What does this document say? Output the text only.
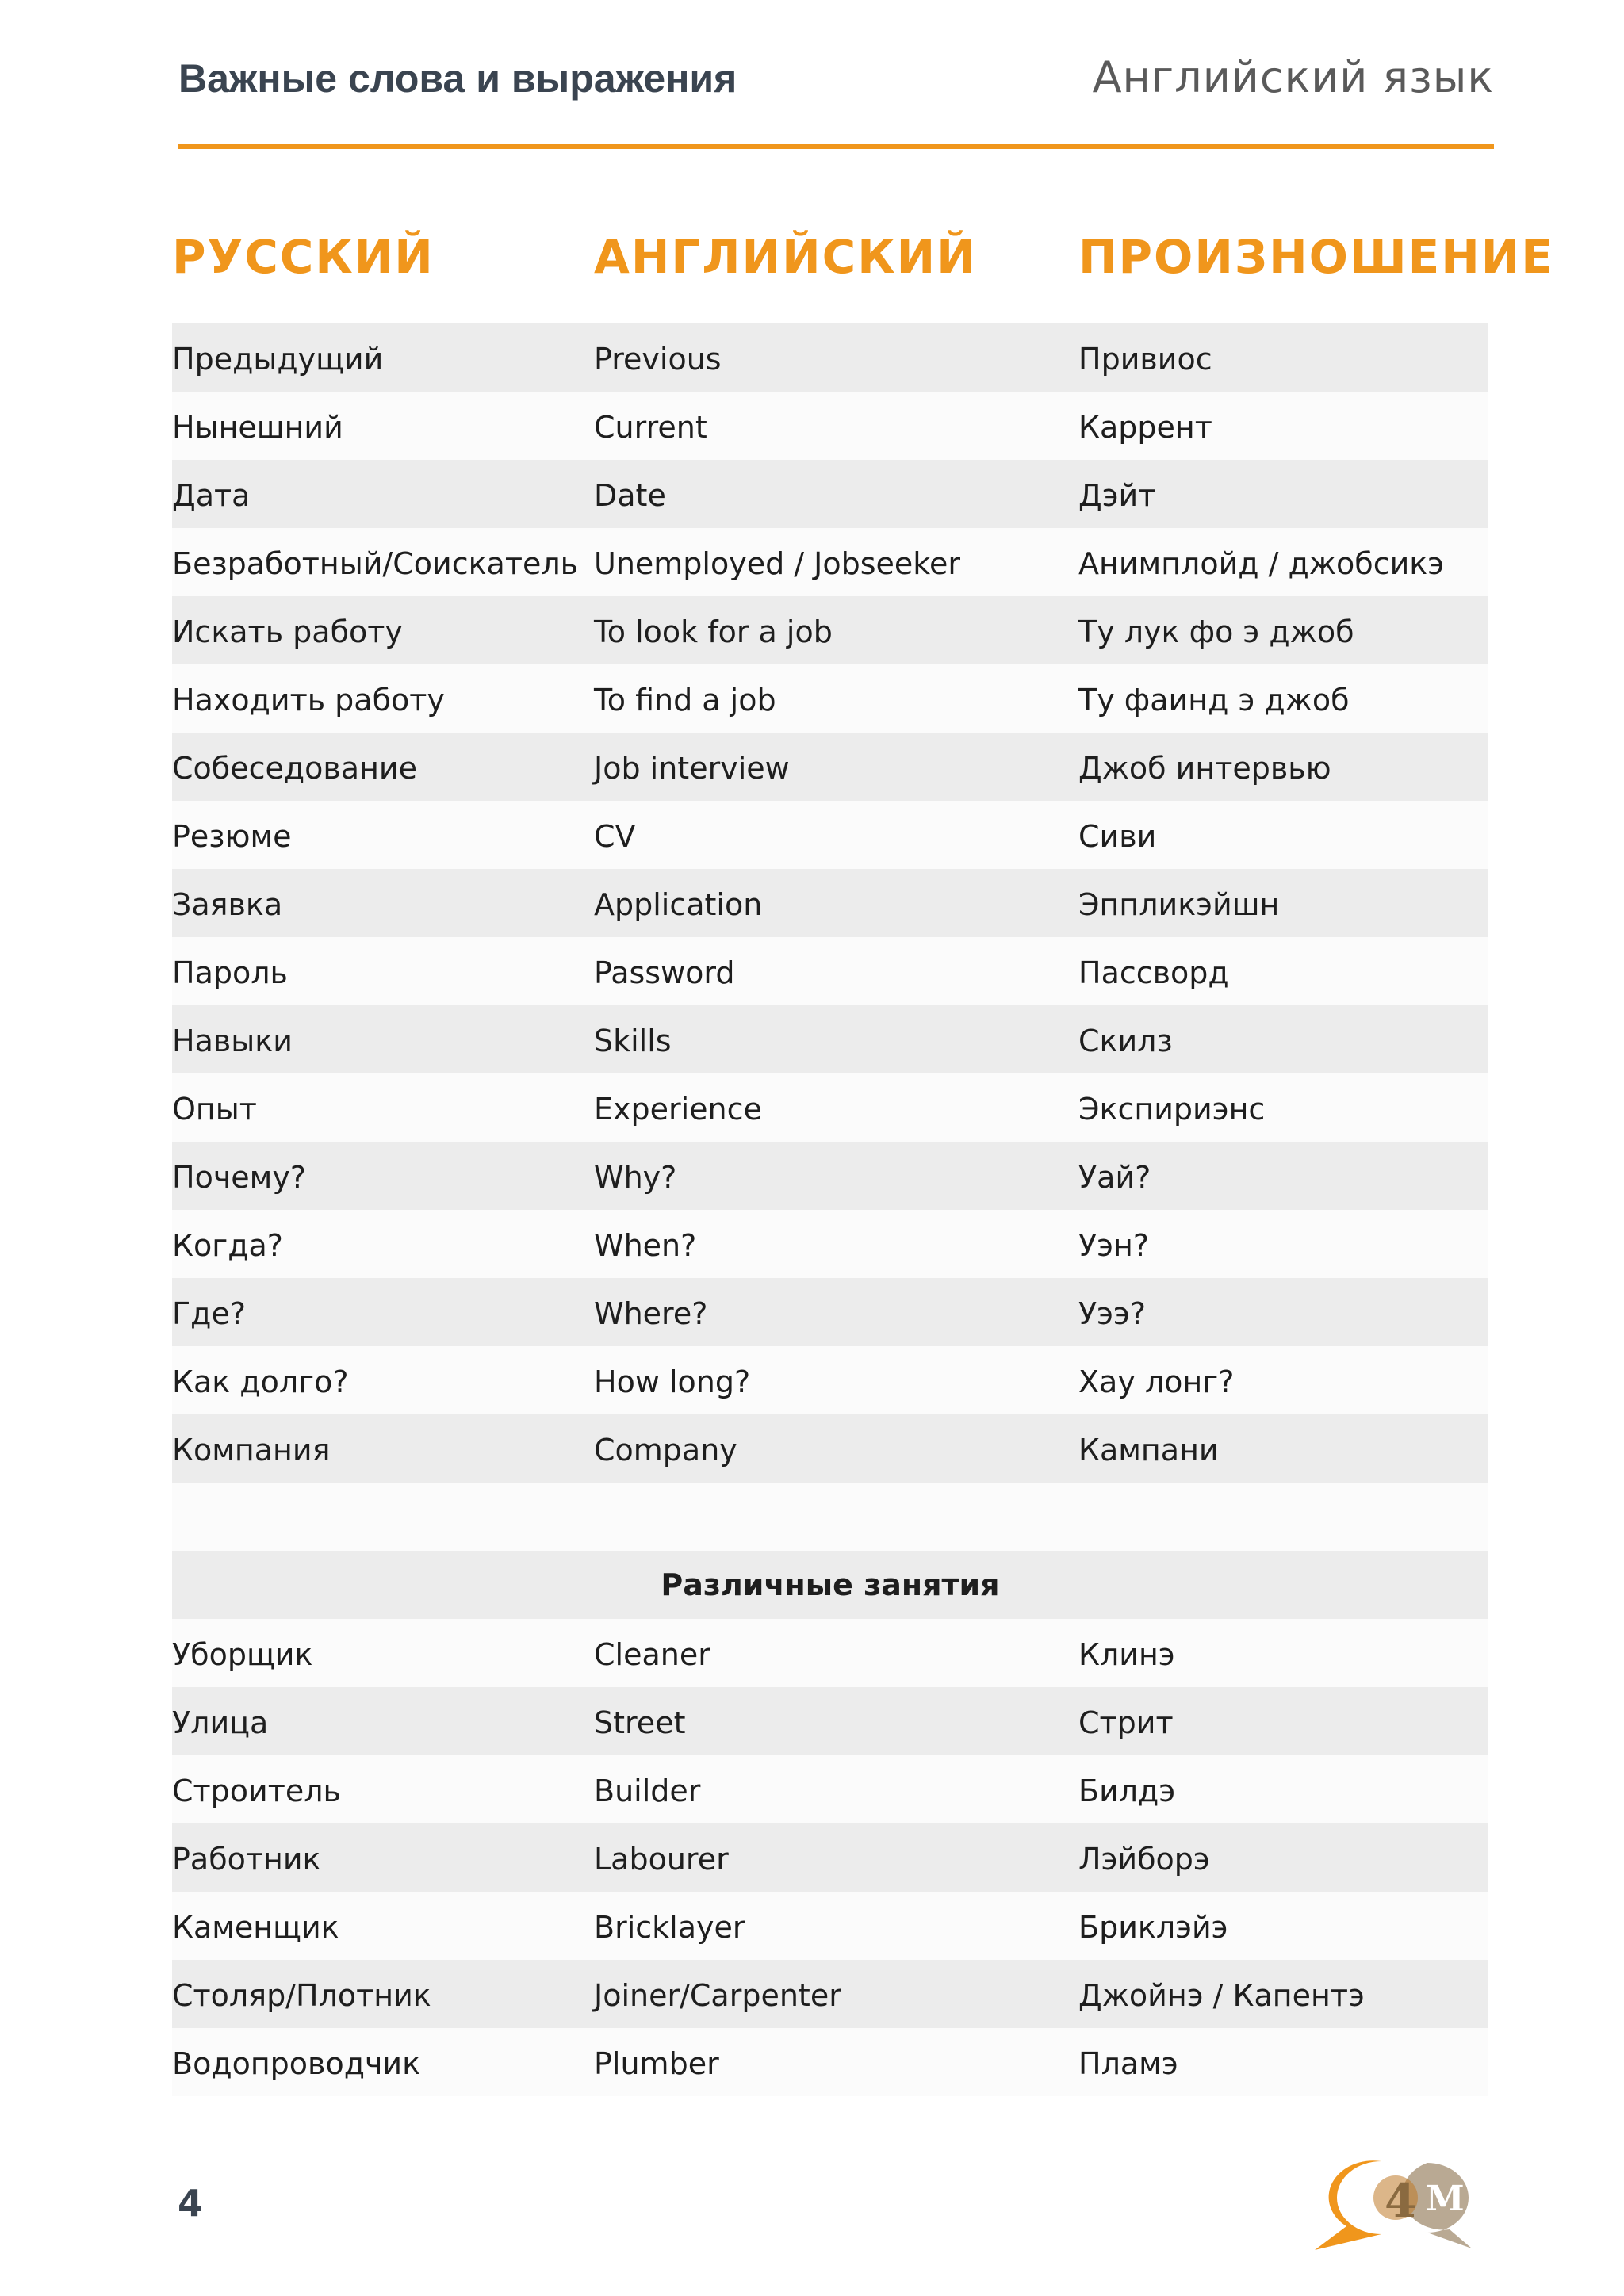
Важные слова и выражения	Английский язык
РУССКИЙ	АНГЛИЙСКИЙ ПРОИЗНОШЕНИЕ
Предыдущий	Previous	Привиос
Нынешний	Current	Каррент
Дата	Date	Дэйт
Безработный/Соискатель Unemployed / Jobseeker	Анимплойд / джобсикэ
Искать работу	To look for a job	Ту лук фо э джоб
Находить работу	To find a job	Ту фаинд э джоб
Собеседование	Job interview	Джоб интервью
Резюме	CV	Сиви
Заявка	Application	Эппликэйшн
Пароль	Password	Пассворд
Навыки	Skills	Скилз
Опыт	Experience	Экспириэнс
Почему?	Why?	Уай?
Когда?	When?	Уэн?
Где?	Where?	Уээ?
Как долго?	How long?	Хау лонг?
Компания	Company	Кампани
Различные занятия
Уборщик	Cleaner	Клинэ
Улица	Street	Стрит
Строитель	Builder	Билдэ
Работник	Labourer	Лэйборэ
Каменщик	Bricklayer	Бриклэйэ
Столяр/Плотник	Joiner/Carpenter	Джойнэ / Капентэ
Водопроводчик	Plumber	Пламэ
4	I 4 M
